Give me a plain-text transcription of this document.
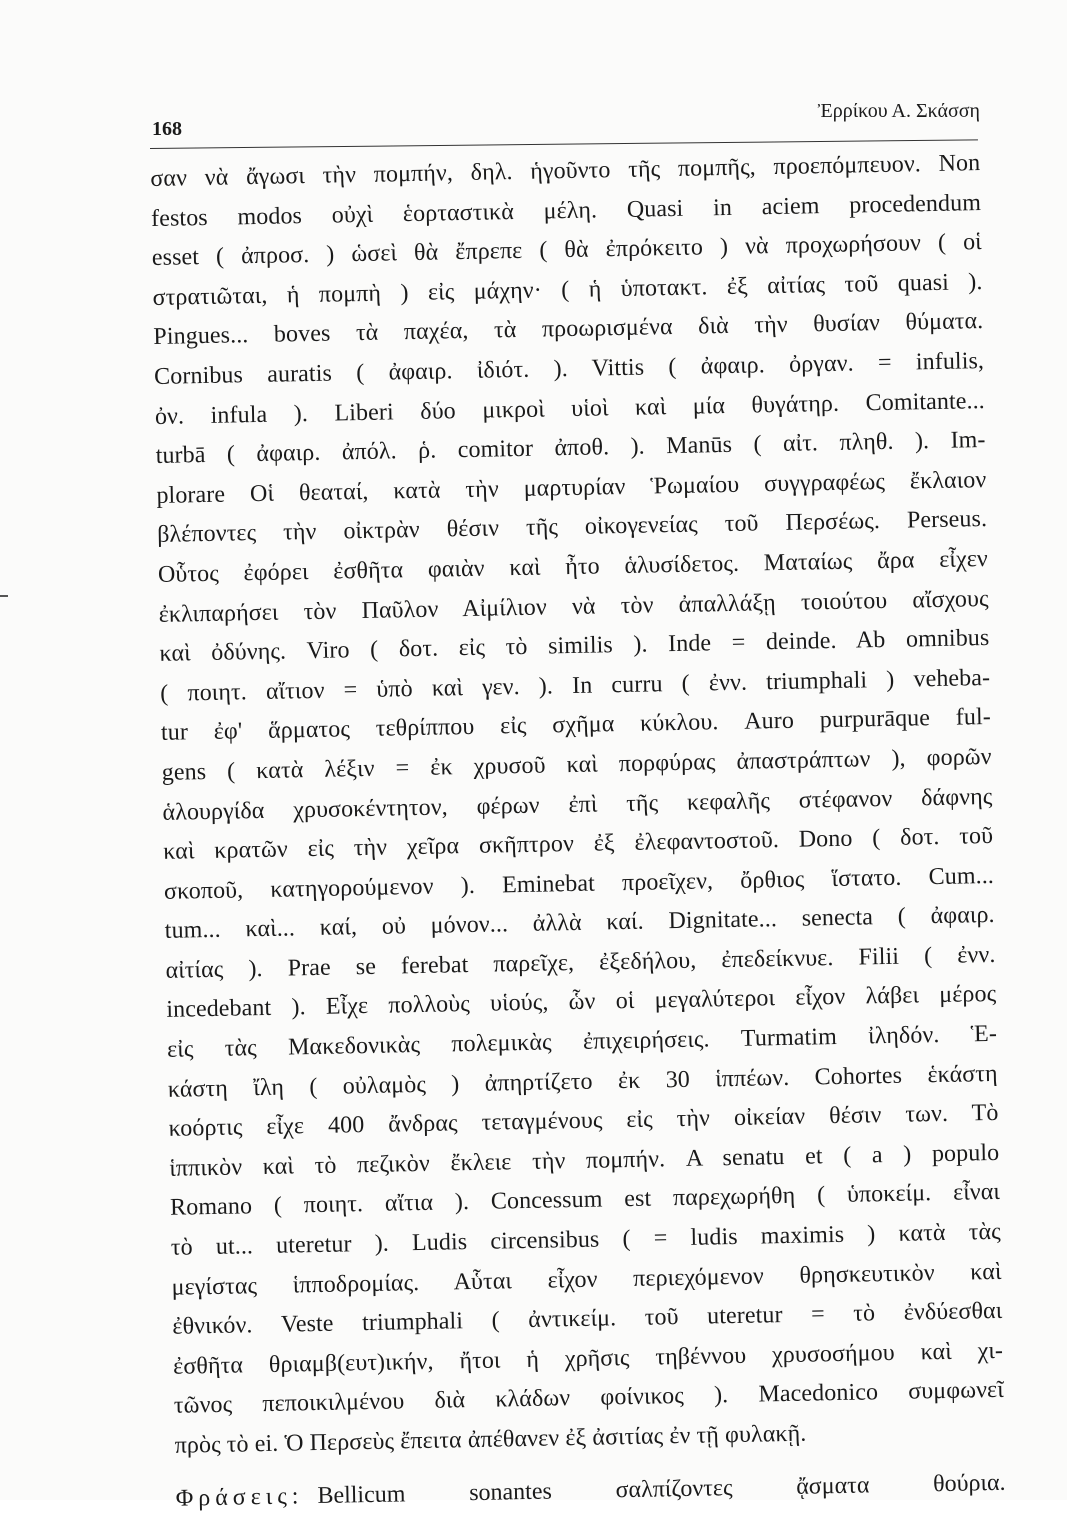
168
Ἐρρίκου Α. Σκάσση
σαν νὰ ἄγωσι τὴν πομπήν, δηλ. ἡγοῦντο τῆς πομπῆς, προεπόμπευον. Non
festos modos οὐχὶ ἑορταστικὰ μέλη. Quasi in aciem procedendum
esset ( ἀπροσ. ) ὡσεὶ θὰ ἔπρεπε ( θὰ ἐπρόκειτο ) νὰ προχωρήσουν ( οἱ
στρατιῶται, ἡ πομπὴ ) εἰς μάχην· ( ἡ ὑποτακτ. ἐξ αἰτίας τοῦ quasi ).
Pingues... boves τὰ παχέα, τὰ προωρισμένα διὰ τὴν θυσίαν θύματα.
Cornibus auratis ( ἀφαιρ. ἰδιότ. ). Vittis ( ἀφαιρ. ὀργαν. = infulis,
ὀν. infula ). Liberi δύο μικροὶ υἱοὶ καὶ μία θυγάτηρ. Comitante...
turbā ( ἀφαιρ. ἀπόλ. ῥ. comitor ἀποθ. ). Manūs ( αἰτ. πληθ. ). Im-
plorare Οἱ θεαταί, κατὰ τὴν μαρτυρίαν Ῥωμαίου συγγραφέως ἔκλαιον
βλέποντες τὴν οἰκτρὰν θέσιν τῆς οἰκογενείας τοῦ Περσέως. Perseus.
Οὗτος ἐφόρει ἐσθῆτα φαιὰν καὶ ἦτο ἁλυσίδετος. Ματαίως ἄρα εἶχεν
ἐκλιπαρήσει τὸν Παῦλον Αἰμίλιον νὰ τὸν ἀπαλλάξῃ τοιούτου αἴσχους
καὶ ὀδύνης. Viro ( δοτ. εἰς τὸ similis ). Inde = deinde. Ab omnibus
( ποιητ. αἴτιον = ὑπὸ καὶ γεν. ). In curru ( ἐνν. triumphali ) veheba-
tur ἐφ' ἅρματος τεθρίππου εἰς σχῆμα κύκλου. Auro purpurāque ful-
gens ( κατὰ λέξιν = ἐκ χρυσοῦ καὶ πορφύρας ἀπαστράπτων ), φορῶν
ἁλουργίδα χρυσοκέντητον, φέρων ἐπὶ τῆς κεφαλῆς στέφανον δάφνης
καὶ κρατῶν εἰς τὴν χεῖρα σκῆπτρον ἐξ ἐλεφαντοστοῦ. Dono ( δοτ. τοῦ
σκοποῦ, κατηγορούμενον ). Eminebat προεῖχεν, ὄρθιος ἵστατο. Cum...
tum... καὶ... καί, οὐ μόνον... ἀλλὰ καί. Dignitate... senecta ( ἀφαιρ.
αἰτίας ). Prae se ferebat παρεῖχε, ἐξεδήλου, ἐπεδείκνυε. Filii ( ἐνν.
incedebant ). Εἶχε πολλοὺς υἱούς, ὧν οἱ μεγαλύτεροι εἶχον λάβει μέρος
εἰς τὰς Μακεδονικὰς πολεμικὰς ἐπιχειρήσεις. Turmatim ἰληδόν. Ἑ-
κάστη ἴλη ( οὐλαμὸς ) ἀπηρτίζετο ἐκ 30 ἱππέων. Cohortes ἑκάστη
κοόρτις εἶχε 400 ἄνδρας τεταγμένους εἰς τὴν οἰκείαν θέσιν των. Τὸ
ἱππικὸν καὶ τὸ πεζικὸν ἔκλειε τὴν πομπήν. A senatu et ( a ) populo
Romano ( ποιητ. αἴτια ). Concessum est παρεχωρήθη ( ὑποκείμ. εἶναι
τὸ ut... uteretur ). Ludis circensibus ( = ludis maximis ) κατὰ τὰς
μεγίστας ἱπποδρομίας. Αὗται εἶχον περιεχόμενον θρησκευτικὸν καὶ
ἐθνικόν. Veste triumphali ( ἀντικείμ. τοῦ uteretur = τὸ ἐνδύεσθαι
ἐσθῆτα θριαμβ(ευτ)ικήν, ἤτοι ἡ χρῆσις τηβέννου χρυσοσήμου καὶ χι-
τῶνος πεποικιλμένου διὰ κλάδων φοίνικος ). Macedonico συμφωνεῖ
πρὸς τὸ ei. Ὁ Περσεὺς ἔπειτα ἀπέθανεν ἐξ ἀσιτίας ἐν τῇ φυλακῇ.
Φράσεις: Bellicum sonantes σαλπίζοντες ᾄσματα θούρια.
